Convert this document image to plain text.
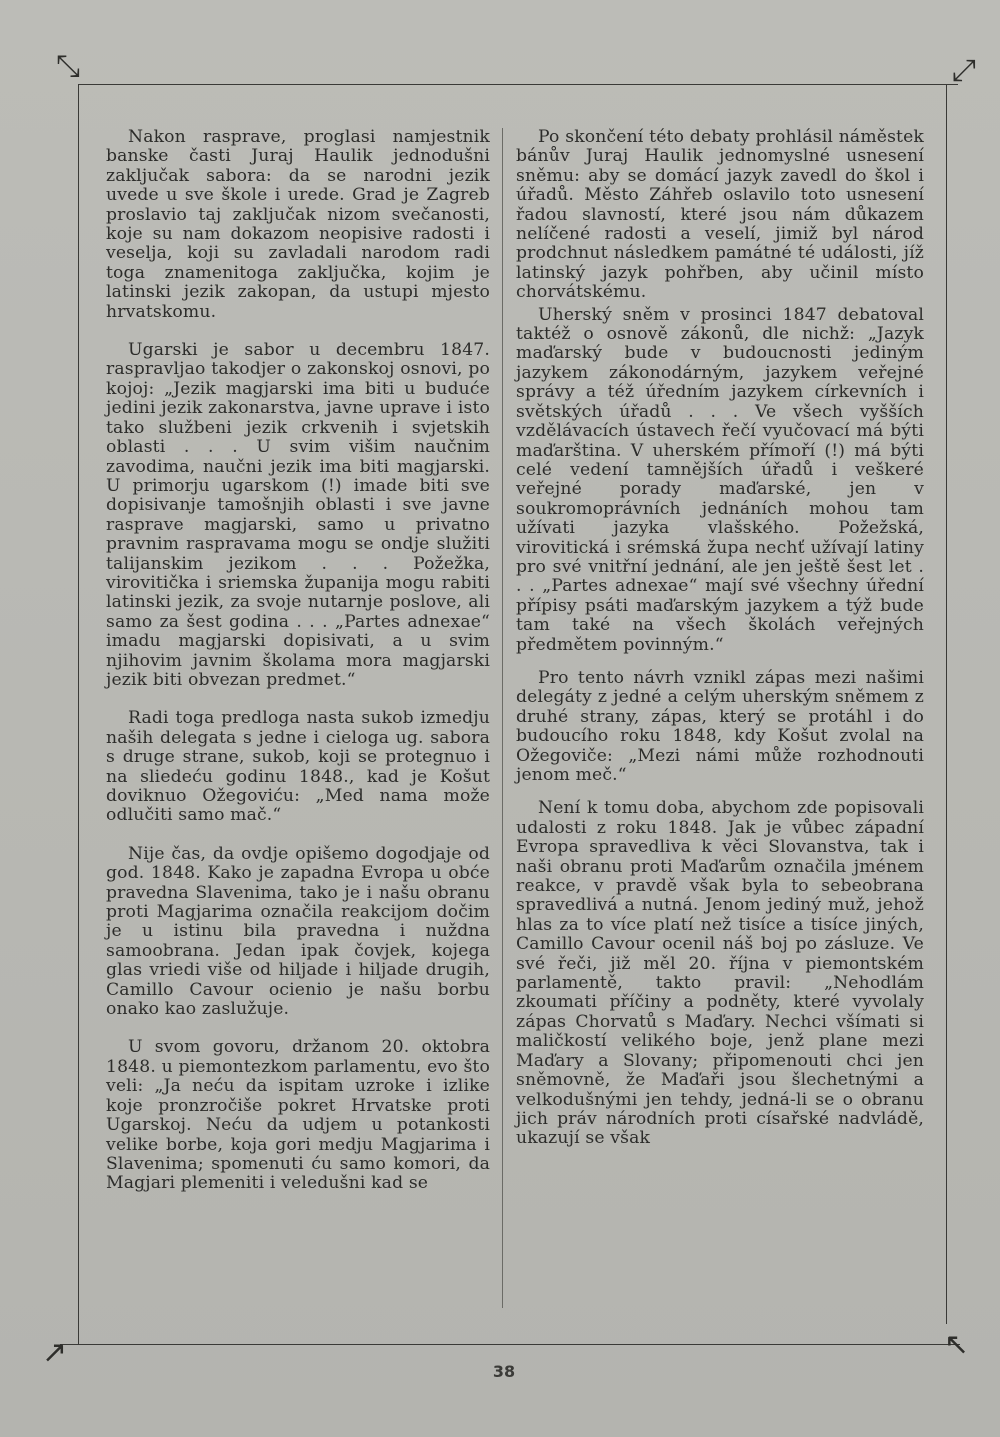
⤡	⤢
↗	↖

Nakon rasprave, proglasi namjestnik banske časti Juraj Haulik jednodušni zaključak sabora: da se narodni jezik uvede u sve škole i urede. Grad je Zagreb proslavio taj zaključak nizom svečanosti, koje su nam dokazom neopisive radosti i veselja, koji su zavladali narodom radi toga znamenitoga zaključka, kojim je latinski jezik zakopan, da ustupi mjesto hrvatskomu.

Ugarski je sabor u decembru 1847. raspravljao takodjer o zakonskoj osnovi, po kojoj: „Jezik magjarski ima biti u buduće jedini jezik zakonarstva, javne uprave i isto tako službeni jezik crkvenih i svjetskih oblasti . . . U svim višim naučnim zavodima, naučni jezik ima biti magjarski. U primorju ugarskom (!) imade biti sve dopisivanje tamošnjih oblasti i sve javne rasprave magjarski, samo u privatno pravnim raspravama mogu se ondje služiti talijanskim jezikom . . . Požežka, virovitička i sriemska županija mogu rabiti latinski jezik, za svoje nutarnje poslove, ali samo za šest godina . . . „Partes adnexae“ imadu magjarski dopisivati, a u svim njihovim javnim školama mora magjarski jezik biti obvezan predmet.“

Radi toga predloga nasta sukob izmedju naših delegata s jedne i cieloga ug. sabora s druge strane, sukob, koji se protegnuo i na sliedeću godinu 1848., kad je Košut doviknuo Ožegoviću: „Med nama može odlučiti samo mač.“

Nije čas, da ovdje opišemo dogodjaje od god. 1848. Kako je zapadna Evropa u obće pravedna Slavenima, tako je i našu obranu proti Magjarima označila reakcijom dočim je u istinu bila pravedna i nuždna samoobrana. Jedan ipak čovjek, kojega glas vriedi više od hiljade i hiljade drugih, Camillo Cavour ocienio je našu borbu onako kao zaslužuje.

U svom govoru, držanom 20. oktobra 1848. u piemontezkom parlamentu, evo što veli: „Ja neću da ispitam uzroke i izlike koje pronzročiše pokret Hrvatske proti Ugarskoj. Neću da udjem u potankosti velike borbe, koja gori medju Magjarima i Slavenima; spomenuti ću samo komori, da Magjari plemeniti i veledušni kad se

Po skončení této debaty prohlásil náměstek bánův Juraj Haulik jednomyslné usnesení sněmu: aby se domácí jazyk zavedl do škol i úřadů. Město Záhřeb oslavilo toto usnesení řadou slavností, které jsou nám důkazem nelíčené radosti a veselí, jimiž byl národ prodchnut následkem památné té události, jíž latinský jazyk pohřben, aby učinil místo chorvátskému.

Uherský sněm v prosinci 1847 debatoval taktéž o osnově zákonů, dle nichž: „Jazyk maďarský bude v budoucnosti jediným jazykem zákonodárným, jazykem veřejné správy a též úředním jazykem církevních i světských úřadů . . . Ve všech vyšších vzdělávacích ústavech řečí vyučovací má býti maďarština. V uherském přímoří (!) má býti celé vedení tamnějších úřadů i veškeré veřejné porady maďarské, jen v soukromoprávních jednáních mohou tam užívati jazyka vlašského. Požežská, virovitická i srémská župa nechť užívají latiny pro své vnitřní jednání, ale jen ještě šest let . . . „Partes adnexae“ mají své všechny úřední přípisy psáti maďarským jazykem a týž bude tam také na všech školách veřejných předmětem povinným.“

Pro tento návrh vznikl zápas mezi našimi delegáty z jedné a celým uherským sněmem z druhé strany, zápas, který se protáhl i do budoucího roku 1848, kdy Košut zvolal na Ožegoviče: „Mezi námi může rozhodnouti jenom meč.“

Není k tomu doba, abychom zde popisovali udalosti z roku 1848. Jak je vůbec západní Evropa spravedliva k věci Slovanstva, tak i naši obranu proti Maďarům označila jménem reakce, v pravdě však byla to sebeobrana spravedlivá a nutná. Jenom jediný muž, jehož hlas za to více platí než tisíce a tisíce jiných, Camillo Cavour ocenil náš boj po zásluze. Ve své řeči, již měl 20. října v piemontském parlamentě, takto pravil: „Nehodlám zkoumati příčiny a podněty, které vyvolaly zápas Chorvatů s Maďary. Nechci všímati si maličkostí velikého boje, jenž plane mezi Maďary a Slovany; připomenouti chci jen sněmovně, že Maďaři jsou šlechetnými a velkodušnými jen tehdy, jedná-li se o obranu jich práv národních proti císařské nadvládě, ukazují se však

38
